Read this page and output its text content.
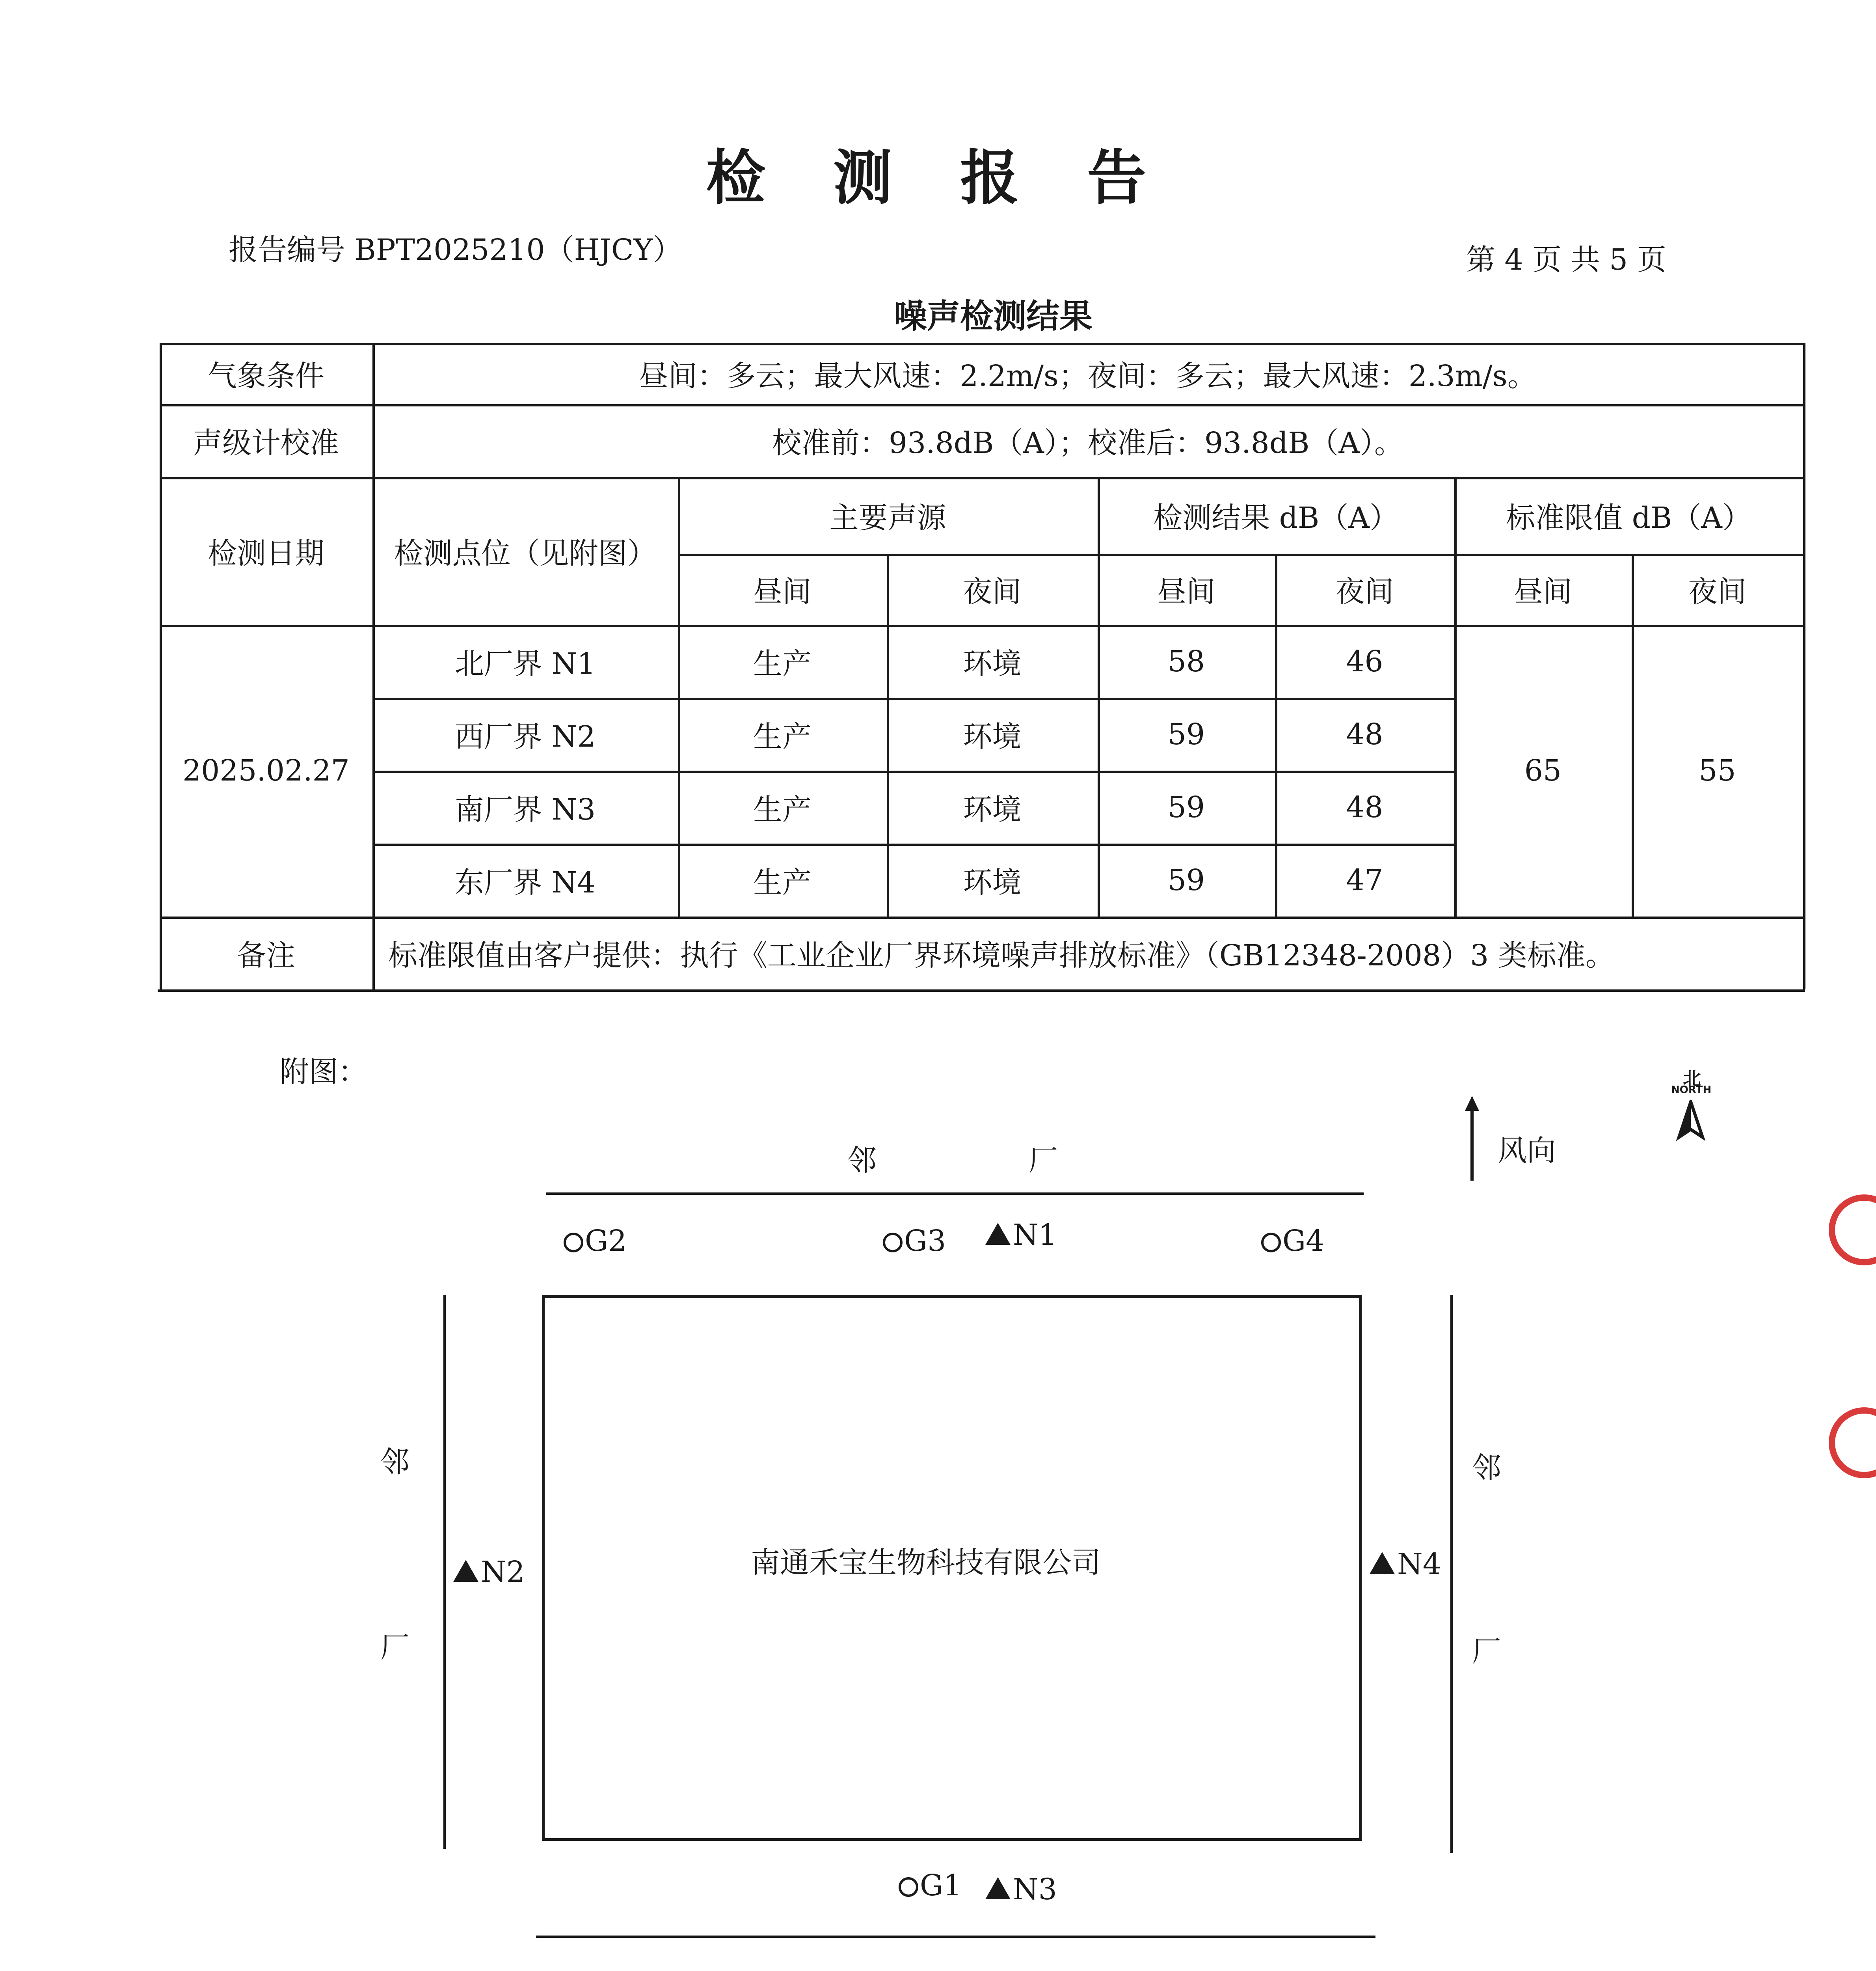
检 测 报 告
报告编号 BPT2025210（HJCY）	第 4 页 共 5 页
噪声检测结果
气象条件	昼间：多云；最大风速：2.2m/s；夜间：多云；最大风速：2.3m/s。
声级计校准	校准前：93.8dB（A）；校准后：93.8dB（A）。
检测日期	检测点位（见附图）
主要声源	检测结果 dB（A）	标准限值 dB（A）
昼间	夜间	昼间	夜间	昼间	夜间
2025.02.27	65	55
北厂界 N1	生产	环境	58	46
西厂界 N2	生产	环境	59	48
南厂界 N3	生产	环境	59	48
东厂界 N4	生产	环境	59	47
备注	标准限值由客户提供：执行《工业企业厂界环境噪声排放标准》（GB12348-2008）3 类标准。
附图：	北
NORTH
风向
邻	厂
G2	G3	N1	G4
南通禾宝生物科技有限公司
邻
厂
N2
邻
厂
N4
G1	N3
